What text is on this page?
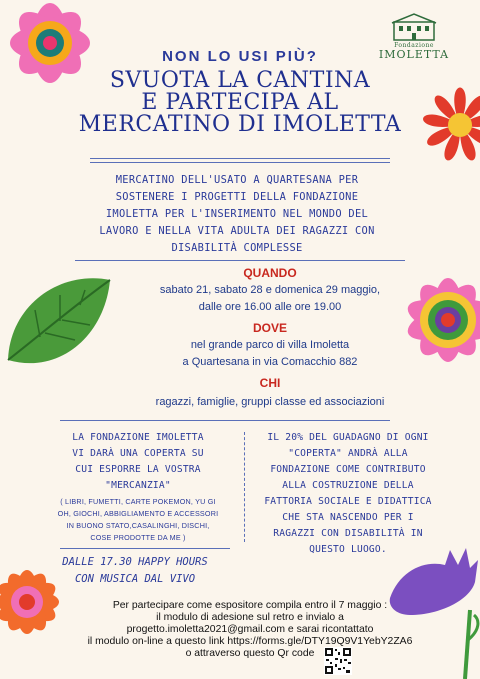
Fondazione
IMOLETTA
NON LO USI PIÙ?
SVUOTA LA CANTINA
E PARTECIPA AL
MERCATINO DI IMOLETTA
MERCATINO DELL'USATO A QUARTESANA PER
SOSTENERE I PROGETTI DELLA FONDAZIONE
IMOLETTA PER L'INSERIMENTO NEL MONDO DEL
LAVORO E NELLA VITA ADULTA DEI RAGAZZI CON
DISABILITÀ COMPLESSE
QUANDO
sabato 21, sabato 28 e domenica 29 maggio,
dalle ore 16.00 alle ore 19.00
DOVE
nel grande parco di villa Imoletta
a Quartesana in via Comacchio 882
CHI
ragazzi, famiglie, gruppi classe ed associazioni
LA FONDAZIONE IMOLETTA
VI DARÀ UNA COPERTA SU
CUI ESPORRE LA VOSTRA
"MERCANZIA"
( LIBRI, FUMETTI, CARTE POKEMON, YU GI
OH, GIOCHI, ABBIGLIAMENTO E ACCESSORI
IN BUONO STATO,CASALINGHI, DISCHI,
COSE PRODOTTE DA ME )
IL 20% DEL GUADAGNO DI OGNI
"COPERTA" ANDRÀ ALLA
FONDAZIONE COME CONTRIBUTO
ALLA COSTRUZIONE DELLA
FATTORIA SOCIALE E DIDATTICA
CHE STA NASCENDO PER I
RAGAZZI CON DISABILITÀ IN
QUESTO LUOGO.
DALLE 17.30 HAPPY HOURS
CON MUSICA DAL VIVO
Per partecipare come espositore compila entro il 7 maggio :
il modulo di adesione sul retro e invialo a
progetto.imoletta2021@gmail.com e sarai ricontattato
il modulo on-line a questo link https://forms.gle/DTY19Q9V1YebY2ZA6
o attraverso questo Qr code
